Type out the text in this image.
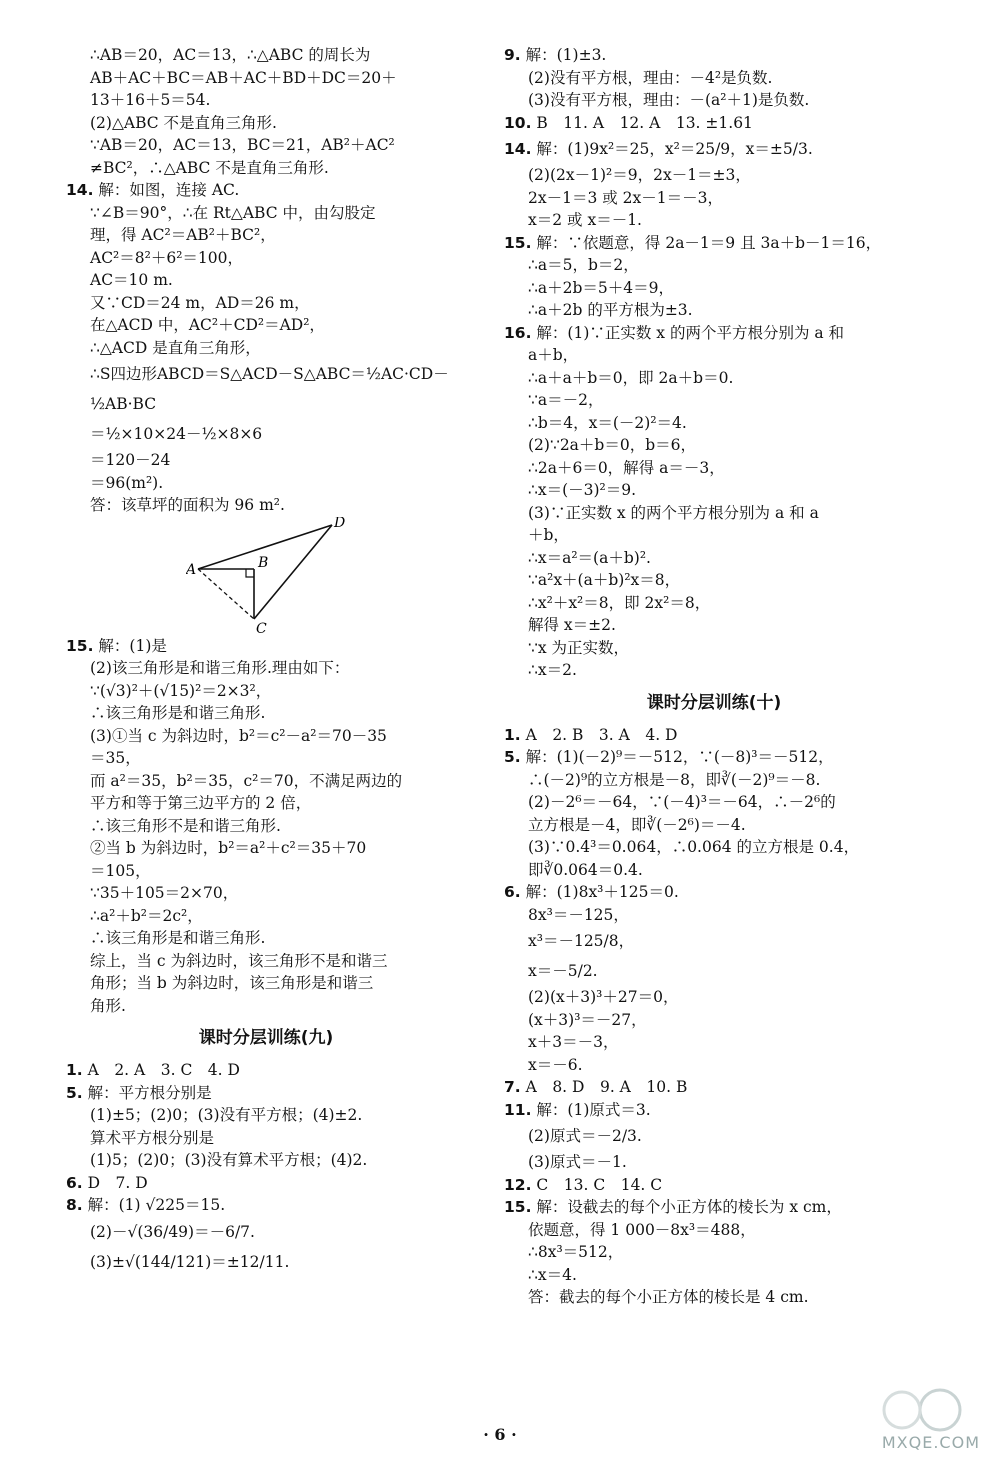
∴AB＝20，AC＝13，∴△ABC 的周长为
AB＋AC＋BC＝AB＋AC＋BD＋DC＝20＋
13＋16＋5＝54.
(2)△ABC 不是直角三角形.
∵AB＝20，AC＝13，BC＝21，AB²＋AC²
≠BC²，∴△ABC 不是直角三角形.
14. 解：如图，连接 AC.
∵∠B＝90°，∴在 Rt△ABC 中，由勾股定
理，得 AC²＝AB²＋BC²，
AC²＝8²＋6²＝100，
AC＝10 m.
又∵CD＝24 m，AD＝26 m，
在△ACD 中，AC²＋CD²＝AD²，
∴△ACD 是直角三角形，
∴S四边形ABCD＝S△ACD－S△ABC＝½AC·CD－
½AB·BC
＝½×10×24－½×8×6
＝120－24
＝96(m²).
答：该草坪的面积为 96 m².
A	B
C
D
15. 解：(1)是
(2)该三角形是和谐三角形.理由如下：
∵(√3)²＋(√15)²＝2×3²，
∴该三角形是和谐三角形.
(3)①当 c 为斜边时，b²＝c²－a²＝70－35
＝35，
而 a²＝35，b²＝35，c²＝70，不满足两边的
平方和等于第三边平方的 2 倍，
∴该三角形不是和谐三角形.
②当 b 为斜边时，b²＝a²＋c²＝35＋70
＝105，
∵35＋105＝2×70，
∴a²＋b²＝2c²，
∴该三角形是和谐三角形.
综上，当 c 为斜边时，该三角形不是和谐三
角形；当 b 为斜边时，该三角形是和谐三
角形.
课时分层训练(九)
1. A　2. A　3. C　4. D
5. 解：平方根分别是
(1)±5；(2)0；(3)没有平方根；(4)±2.
算术平方根分别是
(1)5；(2)0；(3)没有算术平方根；(4)2.
6. D　7. D
8. 解：(1) √225＝15.
(2)－√(36/49)＝－6/7.
(3)±√(144/121)＝±12/11.
9. 解：(1)±3.
(2)没有平方根，理由：－4²是负数.
(3)没有平方根，理由：－(a²＋1)是负数.
10. B　11. A　12. A　13. ±1.61
14. 解：(1)9x²＝25，x²＝25/9，x＝±5/3.
(2)(2x－1)²＝9，2x－1＝±3，
2x－1＝3 或 2x－1＝－3，
x＝2 或 x＝－1.
15. 解：∵依题意，得 2a－1＝9 且 3a＋b－1＝16，
∴a＝5，b＝2，
∴a＋2b＝5＋4＝9，
∴a＋2b 的平方根为±3.
16. 解：(1)∵正实数 x 的两个平方根分别为 a 和
a＋b，
∴a＋a＋b＝0，即 2a＋b＝0.
∵a＝－2，
∴b＝4，x＝(－2)²＝4.
(2)∵2a＋b＝0，b＝6，
∴2a＋6＝0，解得 a＝－3，
∴x＝(－3)²＝9.
(3)∵正实数 x 的两个平方根分别为 a 和 a
＋b，
∴x＝a²＝(a＋b)².
∵a²x＋(a＋b)²x＝8，
∴x²＋x²＝8，即 2x²＝8，
解得 x＝±2.
∵x 为正实数，
∴x＝2.
课时分层训练(十)
1. A　2. B　3. A　4. D
5. 解：(1)(－2)⁹＝－512，∵(－8)³＝－512，
∴(－2)⁹的立方根是－8，即∛(－2)⁹＝－8.
(2)－2⁶＝－64，∵(－4)³＝－64，∴－2⁶的
立方根是－4，即∛(－2⁶)＝－4.
(3)∵0.4³＝0.064，∴0.064 的立方根是 0.4，
即∛0.064＝0.4.
6. 解：(1)8x³＋125＝0.
8x³＝－125，
x³＝－125/8，
x＝－5/2.
(2)(x＋3)³＋27＝0，
(x＋3)³＝－27，
x＋3＝－3，
x＝－6.
7. A　8. D　9. A　10. B
11. 解：(1)原式＝3.
(2)原式＝－2/3.
(3)原式＝－1.
12. C　13. C　14. C
15. 解：设截去的每个小正方体的棱长为 x cm，
依题意，得 1 000－8x³＝488，
∴8x³＝512，
∴x＝4.
答：截去的每个小正方体的棱长是 4 cm.
· 6 ·	MXQE.COM
